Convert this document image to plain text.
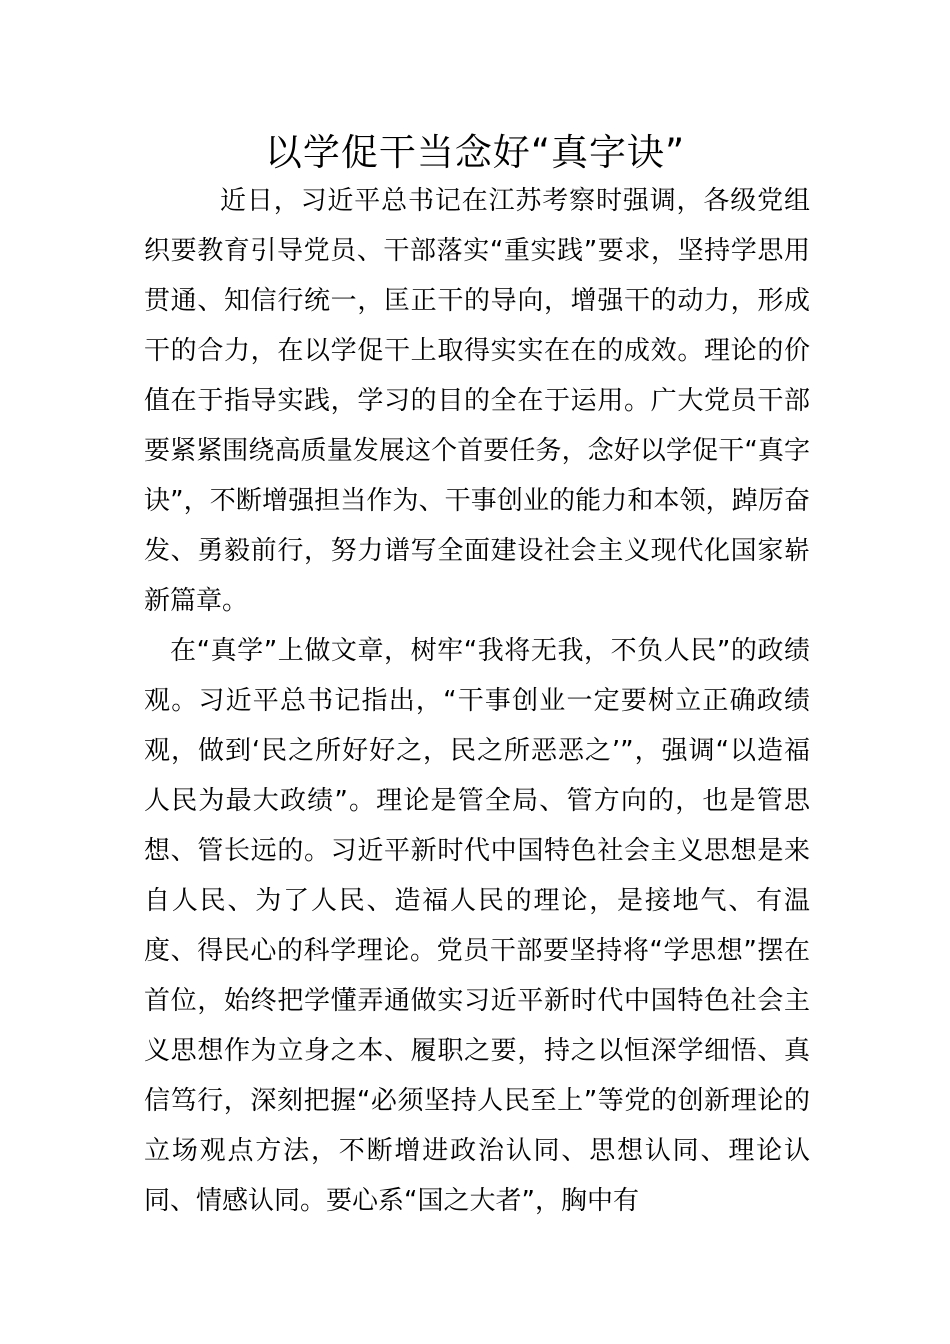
以学促干当念好“真字诀”

近日，习近平总书记在江苏考察时强调，各级党组织要教育引导党员、干部落实“重实践”要求，坚持学思用贯通、知信行统一，匡正干的导向，增强干的动力，形成干的合力，在以学促干上取得实实在在的成效。理论的价值在于指导实践，学习的目的全在于运用。广大党员干部要紧紧围绕高质量发展这个首要任务，念好以学促干“真字诀”，不断增强担当作为、干事创业的能力和本领，踔厉奋发、勇毅前行，努力谱写全面建设社会主义现代化国家崭新篇章。

在“真学”上做文章，树牢“我将无我，不负人民”的政绩观。习近平总书记指出，“干事创业一定要树立正确政绩观，做到‘民之所好好之，民之所恶恶之’”，强调“以造福人民为最大政绩”。理论是管全局、管方向的，也是管思想、管长远的。习近平新时代中国特色社会主义思想是来自人民、为了人民、造福人民的理论，是接地气、有温度、得民心的科学理论。党员干部要坚持将“学思想”摆在首位，始终把学懂弄通做实习近平新时代中国特色社会主义思想作为立身之本、履职之要，持之以恒深学细悟、真信笃行，深刻把握“必须坚持人民至上”等党的创新理论的立场观点方法，不断增进政治认同、思想认同、理论认同、情感认同。要心系“国之大者”，胸中有
